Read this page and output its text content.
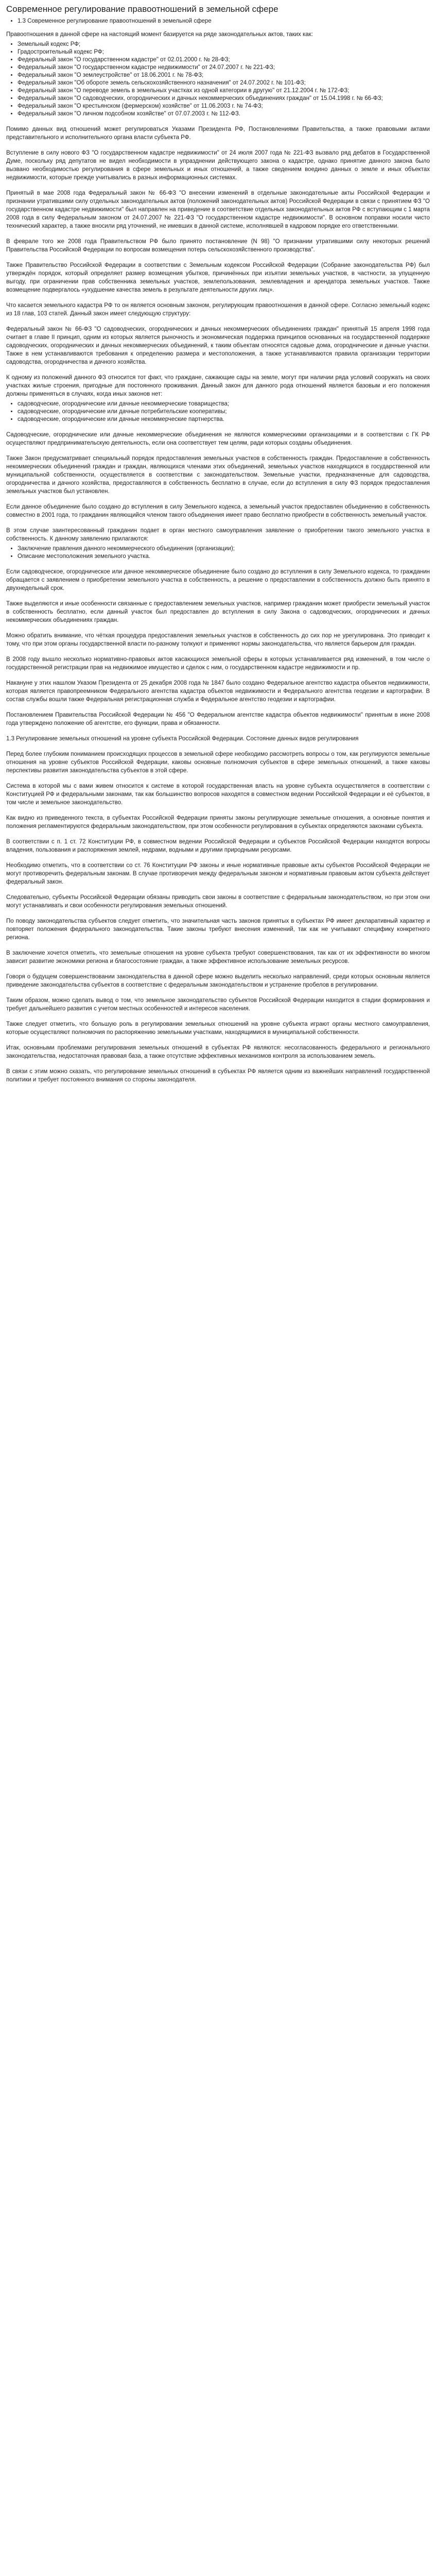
Современное регулирование правоотношений в земельной сфере
• 1.3 Современное регулирование правоотношений в земельной сфере

Правоотношения в данной сфере на настоящий момент базируется на ряде законодательных актов, таких как:

• Земельный кодекс РФ;
• Градостроительный кодекс РФ;
• Федеральный закон "О государственном кадастре" от 02.01.2000 г. № 28-ФЗ;
• Федеральный закон "О государственном кадастре недвижимости" от 24.07.2007 г. № 221-ФЗ;
• Федеральный закон "О землеустройстве" от 18.06.2001 г. № 78-ФЗ;
• Федеральный закон "Об обороте земель сельскохозяйственного назначения" от 24.07.2002 г. № 101-ФЗ;
• Федеральный закон "О переводе земель в земельных участках из одной категории в другую" от 21.12.2004 г. № 172-ФЗ;
• Федеральный закон "О садоводческих, огороднических и дачных некоммерческих объединениях граждан" от 15.04.1998 г. № 66-ФЗ;
• Федеральный закон "О крестьянском (фермерском) хозяйстве" от 11.06.2003 г. № 74-ФЗ;
• Федеральный закон "О личном подсобном хозяйстве" от 07.07.2003 г. № 112-ФЗ.

Помимо данных вид отношений может регулироваться Указами Президента РФ, Постановлениями Правительства, а также правовыми актами представительного и исполнительного органа власти субъекта РФ.

Вступление в силу нового ФЗ "О государственном кадастре недвижимости" от 24 июля 2007 года № 221-ФЗ вызвало ряд дебатов в Государственной Думе, поскольку ряд депутатов не видел необходимости в упразднении действующего закона о кадастре, однако принятие данного закона было вызвано необходимостью регулирования в сфере земельных и иных отношений, а также сведением воедино данных о земле и иных объектах недвижимости, которые прежде учитывались в разных информационных системах.

Принятый в мае 2008 года Федеральный закон № 66-ФЗ "О внесении изменений в отдельные законодательные акты Российской Федерации и признании утратившими силу отдельных законодательных актов (положений законодательных актов) Российской Федерации в связи с принятием ФЗ "О государственном кадастре недвижимости" был направлен на приведение в соответствие отдельных законодательных актов РФ с вступающим с 1 марта 2008 года в силу Федеральным законом от 24.07.2007 № 221-ФЗ "О государственном кадастре недвижимости". В основном поправки носили чисто технический характер, а также вносили ряд уточнений, не имевших в данной системе, исполнявшей в кадровом порядке его ответственными.

В феврале того же 2008 года Правительством РФ было принято постановление (N 98) "О признании утратившими силу некоторых решений Правительства Российской Федерации по вопросам возмещения потерь сельскохозяйственного производства".

Также Правительство Российской Федерации в соответствии с Земельным кодексом Российской Федерации (Собрание законодательства РФ) был утверждён порядок, который определяет размер возмещения убытков, причинённых при изъятии земельных участков, в частности, за упущенную выгоду, при ограничении прав собственника земельных участков, землепользования, землевладения и арендатора земельных участков. Также возмещение подвергалось «ухудшение качества земель в результате деятельности других лиц».

Что касается земельного кадастра РФ то он является основным законом, регулирующим правоотношения в данной сфере. Согласно земельный кодекс из 18 глав, 103 статей. Данный закон имеет следующую структуру:

Федеральный закон № 66-ФЗ "О садоводческих, огороднических и дачных некоммерческих объединениях граждан" принятый 15 апреля 1998 года считает в главе II принцип, одним из которых является рыночность и экономическая поддержка принципов основанных на государственной поддержке садоводческих, огороднических и дачных некоммерческих объединений, к таким объектам относятся садовые дома, огороднические и дачные участки. Также в нем устанавливаются требования к определению размера и местоположения, а также устанавливаются правила организации территории садоводства, огородничества и дачного хозяйства.

К одному из положений данного ФЗ относится тот факт, что граждане, сажающие сады на земле, могут при наличии ряда условий сооружать на своих участках жилые строения, пригодные для постоянного проживания. Данный закон для данного рода отношений является базовым и его положения должны применяться в случаях, когда иных законов нет:

• садоводческие, огороднические или дачные некоммерческие товарищества;
• садоводческие, огороднические или дачные потребительские кооперативы;
• садоводческие, огороднические или дачные некоммерческие партнерства.

Садоводческие, огороднические или дачные некоммерческие объединения не являются коммерческими организациями и в соответствии с ГК РФ осуществляют предпринимательскую деятельность, если она соответствует тем целям, ради которых созданы объединения.

Также Закон предусматривает специальный порядок предоставления земельных участков в собственность граждан. Предоставление в собственность некоммерческих объединений граждан и граждан, являющихся членами этих объединений, земельных участков находящихся в государственной или муниципальной собственности, осуществляется в соответствии с законодательством. Земельные участки, предназначенные для садоводства, огородничества и дачного хозяйства, предоставляются в собственность бесплатно в случае, если до вступления в силу ФЗ порядок предоставления земельных участков был установлен.

Если данное объединение было создано до вступления в силу Земельного кодекса, а земельный участок предоставлен объединению в собственность совместно в 2001 года, то гражданин являющийся членом такого объединения имеет право бесплатно приобрести в собственность земельный участок.

В этом случае заинтересованный гражданин подает в орган местного самоуправления заявление о приобретении такого земельного участка в собственность. К данному заявлению прилагаются:

• Заключение правления данного некоммерческого объединения (организации);
• Описание местоположения земельного участка.

Если садоводческое, огородническое или дачное некоммерческое объединение было создано до вступления в силу Земельного кодекса, то гражданин обращается с заявлением о приобретении земельного участка в собственность, а решение о предоставлении в собственность должно быть принято в двухнедельный срок.

Также выделяются и иные особенности связанные с предоставлением земельных участков, например гражданин может приобрести земельный участок в собственность бесплатно, если данный участок был предоставлен до вступления в силу Закона о садоводческих, огороднических и дачных некоммерческих объединениях граждан.

Можно обратить внимание, что чёткая процедура предоставления земельных участков в собственность до сих пор не урегулирована. Это приводит к тому, что при этом органы государственной власти по-разному толкуют и применяют нормы законодательства, что является барьером для граждан.

В 2008 году вышло несколько нормативно-правовых актов касающихся земельной сферы в которых устанавливается ряд изменений, в том числе о государственной регистрации прав на недвижимое имущество и сделок с ним, о государственном кадастре недвижимости и пр.

Накануне у этих нашлом Указом Президента от 25 декабря 2008 года № 1847 было создано Федеральное агентство кадастра объектов недвижимости, которая является правопреемником Федерального агентства кадастра объектов недвижимости и Федерального агентства геодезии и картографии. В состав службы вошли также Федеральная регистрационная служба и Федеральное агентство геодезии и картографии.

Постановлением Правительства Российской Федерации № 456 "О Федеральном агентстве кадастра объектов недвижимости" принятым в июне 2008 года утверждено положение об агентстве, его функции, права и обязанности.

1.3 Регулирование земельных отношений на уровне субъекта Российской Федерации. Состояние данных видов регулирования

Перед более глубоким пониманием происходящих процессов в земельной сфере необходимо рассмотреть вопросы о том, как регулируются земельные отношения на уровне субъектов Российской Федерации, каковы основные полномочия субъектов в сфере земельных отношений, а также каковы перспективы развития законодательства субъектов в этой сфере.

Система в которой мы с вами живем относится к системе в которой государственная власть на уровне субъекта осуществляется в соответствии с Конституцией РФ и федеральными законами, так как большинство вопросов находятся в совместном ведении Российской Федерации и её субъектов, в том числе и земельное законодательство.

Как видно из приведенного текста, в субъектах Российской Федерации приняты законы регулирующие земельные отношения, а основные понятия и положения регламентируются федеральным законодательством, при этом особенности регулирования в субъектах определяются законами субъекта.

В соответствии с п. 1 ст. 72 Конституции РФ, в совместном ведении Российской Федерации и субъектов Российской Федерации находятся вопросы владения, пользования и распоряжения землей, недрами, водными и другими природными ресурсами.

Необходимо отметить, что в соответствии со ст. 76 Конституции РФ законы и иные нормативные правовые акты субъектов Российской Федерации не могут противоречить федеральным законам. В случае противоречия между федеральным законом и нормативным правовым актом субъекта действует федеральный закон.

Следовательно, субъекты Российской Федерации обязаны приводить свои законы в соответствие с федеральным законодательством, но при этом они могут устанавливать и свои особенности регулирования земельных отношений.

По поводу законодательства субъектов следует отметить, что значительная часть законов принятых в субъектах РФ имеет декларативный характер и повторяет положения федерального законодательства. Такие законы требуют внесения изменений, так как не учитывают специфику конкретного региона.

В заключение хочется отметить, что земельные отношения на уровне субъекта требуют совершенствования, так как от их эффективности во многом зависит развитие экономики региона и благосостояние граждан, а также эффективное использование земельных ресурсов.

Говоря о будущем совершенствовании законодательства в данной сфере можно выделить несколько направлений, среди которых основным является приведение законодательства субъектов в соответствие с федеральным законодательством и устранение пробелов в регулировании.

Таким образом, можно сделать вывод о том, что земельное законодательство субъектов Российской Федерации находится в стадии формирования и требует дальнейшего развития с учетом местных особенностей и интересов населения.

Также следует отметить, что большую роль в регулировании земельных отношений на уровне субъекта играют органы местного самоуправления, которые осуществляют полномочия по распоряжению земельными участками, находящимися в муниципальной собственности.

Итак, основными проблемами регулирования земельных отношений в субъектах РФ являются: несогласованность федерального и регионального законодательства, недостаточная правовая база, а также отсутствие эффективных механизмов контроля за использованием земель.

В связи с этим можно сказать, что регулирование земельных отношений в субъектах РФ является одним из важнейших направлений государственной политики и требует постоянного внимания со стороны законодателя.
